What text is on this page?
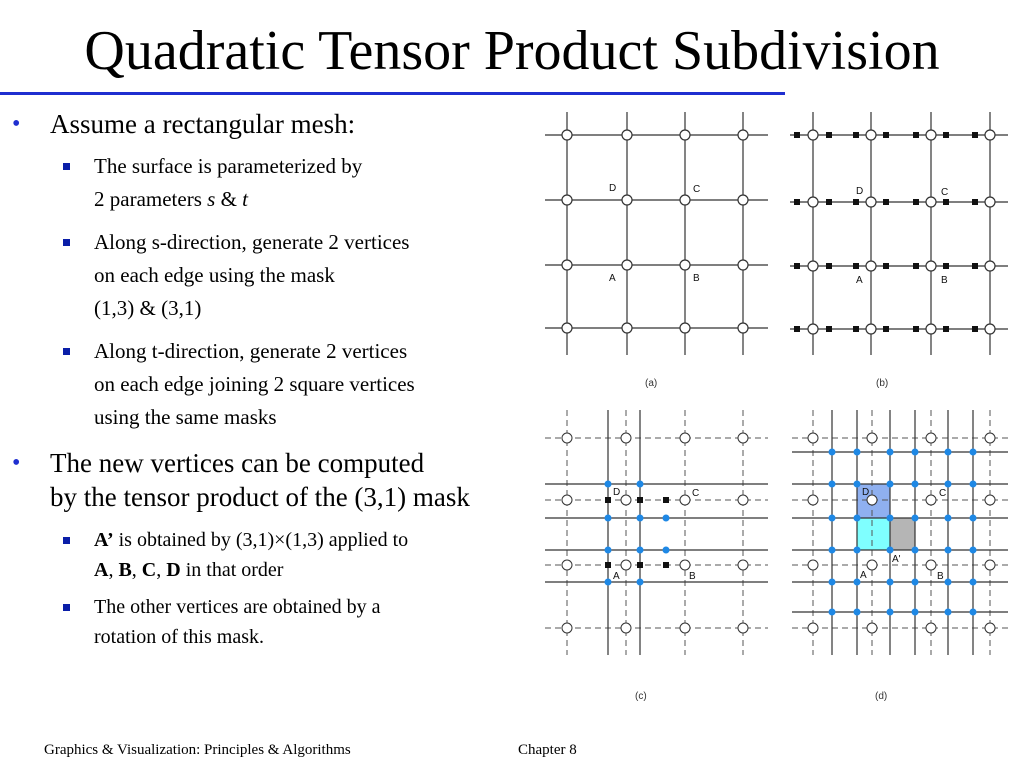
Quadratic Tensor Product Subdivision
• Assume a rectangular mesh:
The surface is parameterized by
2 parameters s & t
Along s-direction, generate 2 vertices
on each edge using the mask
(1,3) & (3,1)
Along t-direction, generate 2 vertices
on each edge joining 2 square vertices
using the same masks
• The new vertices can be computed
by the tensor product of the (3,1) mask
A’ is obtained by (3,1)×(1,3) applied to
A, B, C, D in that order
The other vertices are obtained by a
rotation of this mask.
D	C
A	B
(a)
D	C
A	B
(b)
D	C
A	B
(c)
D	C
A
A'
B
(d)
Graphics & Visualization: Principles & Algorithms	Chapter 8
